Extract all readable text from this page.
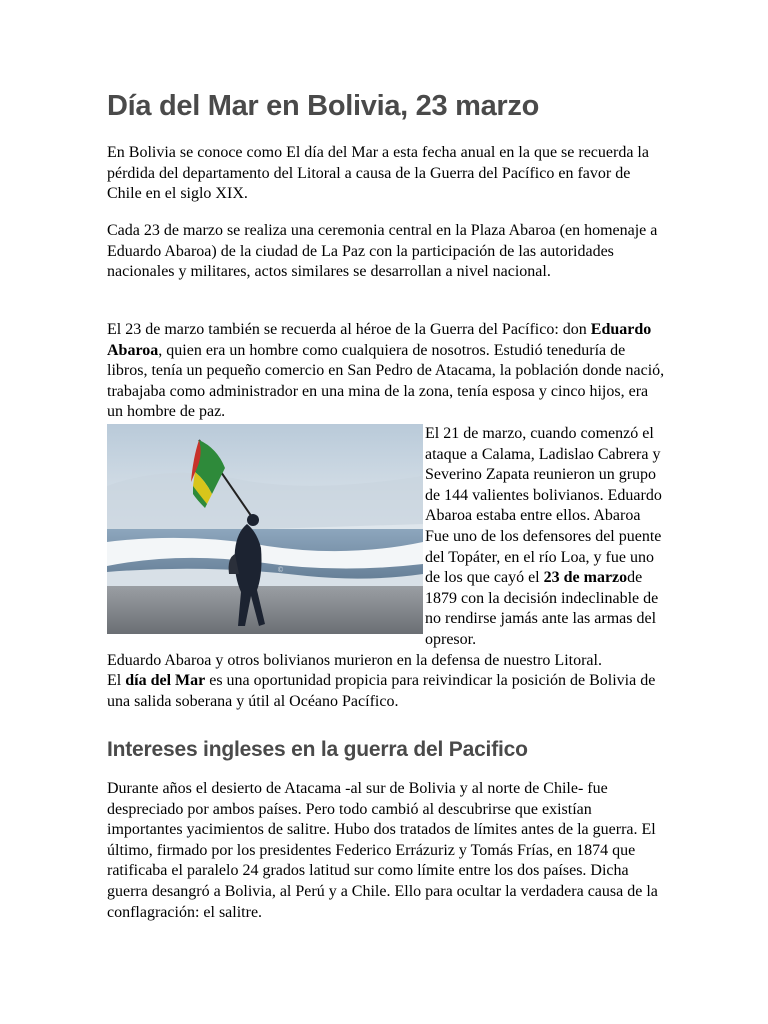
Día del Mar en Bolivia, 23 marzo

En Bolivia se conoce como El día del Mar a esta fecha anual en la que se recuerda la pérdida del departamento del Litoral a causa de la Guerra del Pacífico en favor de Chile en el siglo XIX.

Cada 23 de marzo se realiza una ceremonia central en la Plaza Abaroa (en homenaje a Eduardo Abaroa) de la ciudad de La Paz con la participación de las autoridades nacionales y militares, actos similares se desarrollan a nivel nacional.

El 23 de marzo también se recuerda al héroe de la Guerra del Pacífico: don Eduardo Abaroa, quien era un hombre como cualquiera de nosotros. Estudió teneduría de libros, tenía un pequeño comercio en San Pedro de Atacama, la población donde nació, trabajaba como administrador en una mina de la zona, tenía esposa y cinco hijos, era un hombre de paz.

©
El 21 de marzo, cuando comenzó el ataque a Calama, Ladislao Cabrera y Severino Zapata reunieron un grupo de 144 valientes bolivianos. Eduardo Abaroa estaba entre ellos. Abaroa Fue uno de los defensores del puente del Topáter, en el río Loa, y fue uno de los que cayó el 23 de marzode 1879 con la decisión indeclinable de no rendirse jamás ante las armas del opresor.
Eduardo Abaroa y otros bolivianos murieron en la defensa de nuestro Litoral.
El día del Mar es una oportunidad propicia para reivindicar la posición de Bolivia de una salida soberana y útil al Océano Pacífico.
Intereses ingleses en la guerra del Pacifico

Durante años el desierto de Atacama -al sur de Bolivia y al norte de Chile- fue despreciado por ambos países. Pero todo cambió al descubrirse que existían importantes yacimientos de salitre. Hubo dos tratados de límites antes de la guerra. El último, firmado por los presidentes Federico Errázuriz y Tomás Frías, en 1874 que ratificaba el paralelo 24 grados latitud sur como límite entre los dos países. Dicha guerra desangró a Bolivia, al Perú y a Chile. Ello para ocultar la verdadera causa de la conflagración: el salitre.
